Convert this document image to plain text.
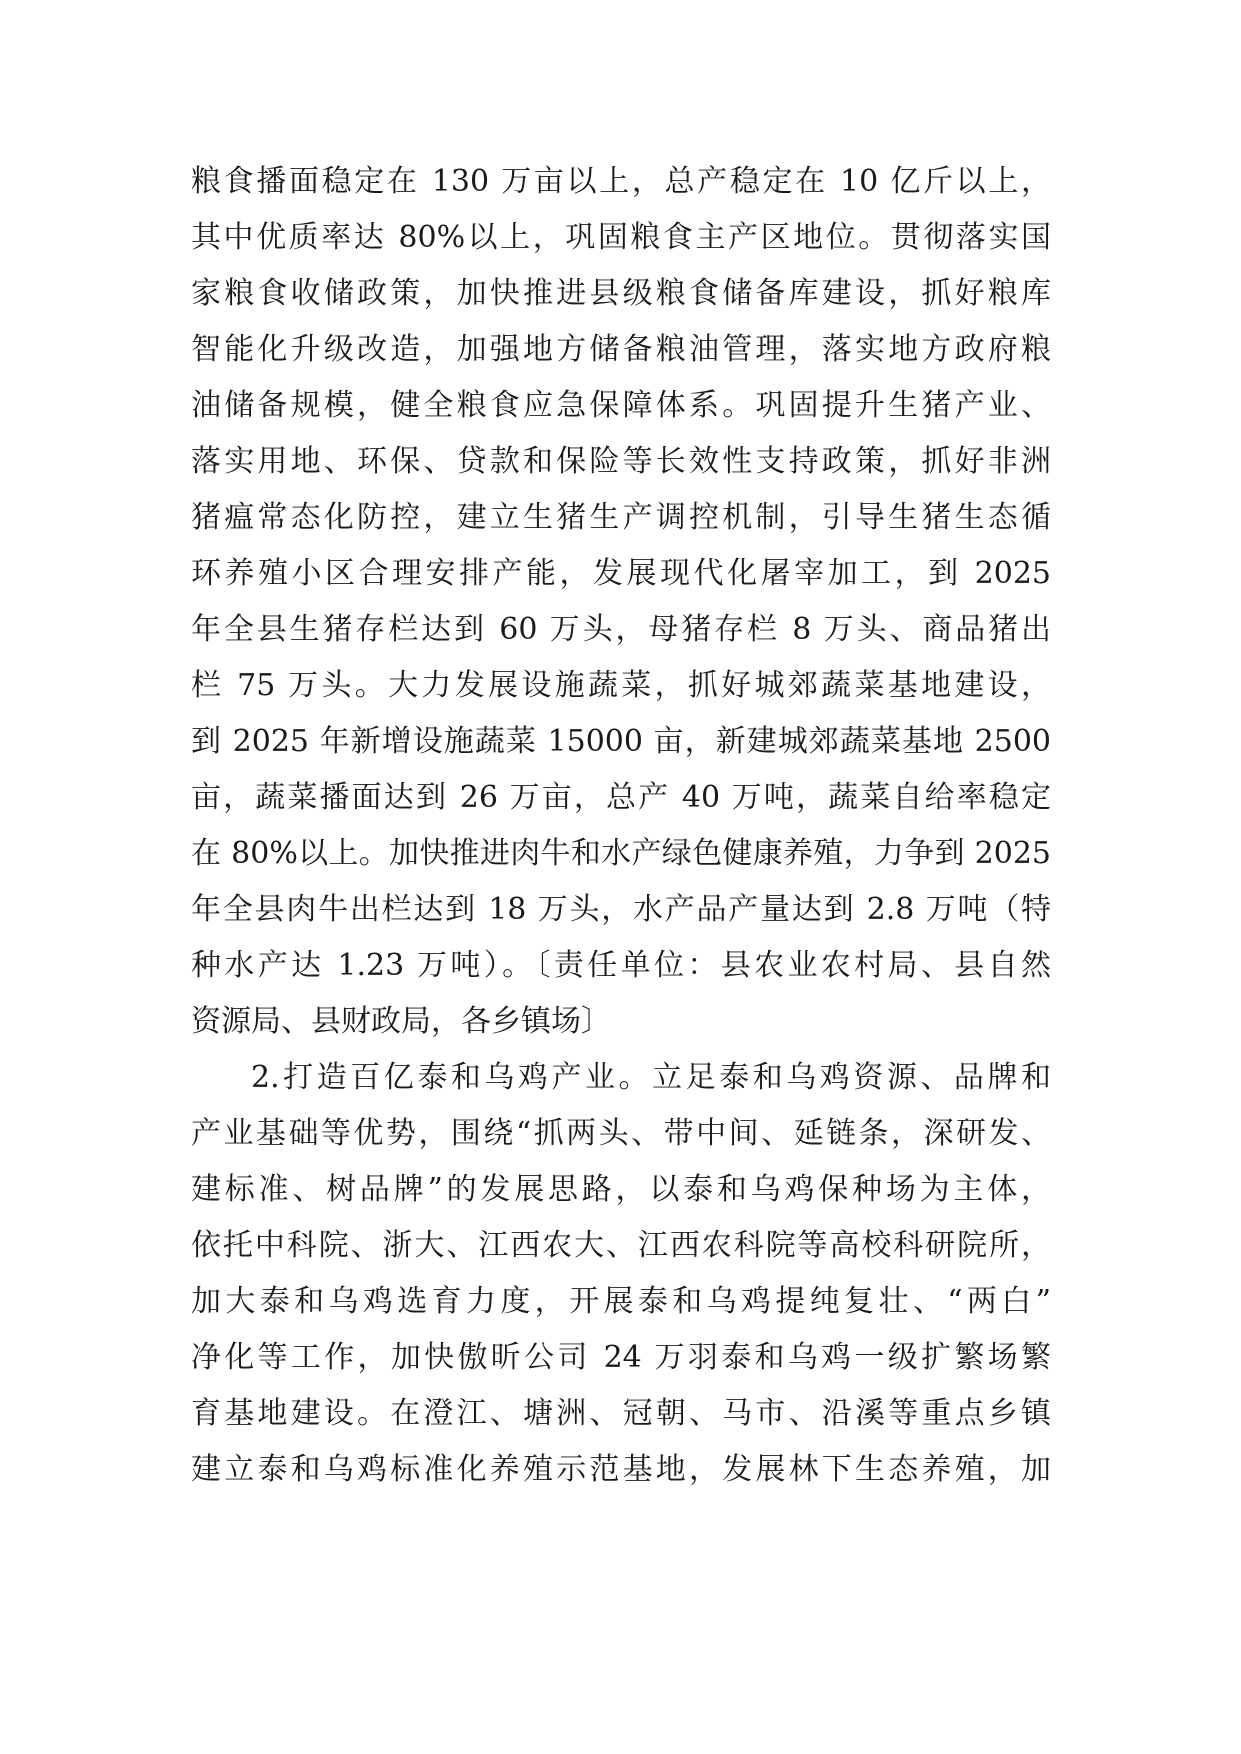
粮食播面稳定在 130 万亩以上，总产稳定在 10 亿斤以上，
其中优质率达 80%以上，巩固粮食主产区地位。贯彻落实国
家粮食收储政策，加快推进县级粮食储备库建设，抓好粮库
智能化升级改造，加强地方储备粮油管理，落实地方政府粮
油储备规模，健全粮食应急保障体系。巩固提升生猪产业、
落实用地、环保、贷款和保险等长效性支持政策，抓好非洲
猪瘟常态化防控，建立生猪生产调控机制，引导生猪生态循
环养殖小区合理安排产能，发展现代化屠宰加工，到 2025
年全县生猪存栏达到 60 万头，母猪存栏 8 万头、商品猪出
栏 75 万头。大力发展设施蔬菜，抓好城郊蔬菜基地建设，
到 2025 年新增设施蔬菜 15000 亩，新建城郊蔬菜基地 2500
亩，蔬菜播面达到 26 万亩，总产 40 万吨，蔬菜自给率稳定
在 80%以上。加快推进肉牛和水产绿色健康养殖，力争到 2025
年全县肉牛出栏达到 18 万头，水产品产量达到 2.8 万吨（特
种水产达 1.23 万吨）。〔责任单位：县农业农村局、县自然
资源局、县财政局，各乡镇场〕
2.打造百亿泰和乌鸡产业。立足泰和乌鸡资源、品牌和
产业基础等优势，围绕“抓两头、带中间、延链条，深研发、
建标准、树品牌”的发展思路，以泰和乌鸡保种场为主体，
依托中科院、浙大、江西农大、江西农科院等高校科研院所，
加大泰和乌鸡选育力度，开展泰和乌鸡提纯复壮、“两白”
净化等工作，加快傲昕公司 24 万羽泰和乌鸡一级扩繁场繁
育基地建设。在澄江、塘洲、冠朝、马市、沿溪等重点乡镇
建立泰和乌鸡标准化养殖示范基地，发展林下生态养殖，加
